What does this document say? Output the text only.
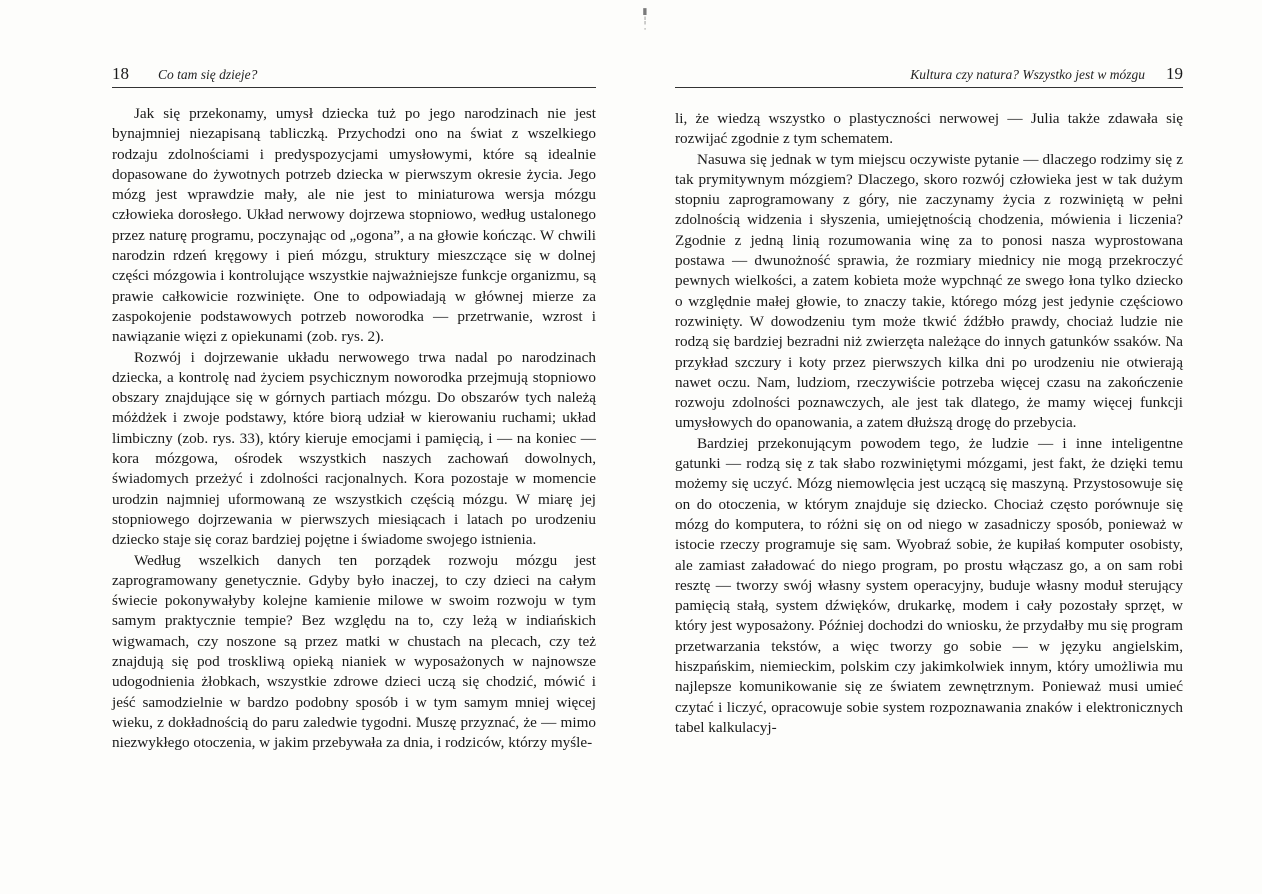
▮
¦
·
18 Co tam się dzieje?

Jak się przekonamy, umysł dziecka tuż po jego narodzinach nie jest bynajmniej niezapisaną tabliczką. Przychodzi ono na świat z wszelkiego rodzaju zdolnościami i predyspozycjami umysłowymi, które są idealnie dopasowane do żywotnych potrzeb dziecka w pierwszym okresie życia. Jego mózg jest wprawdzie mały, ale nie jest to miniaturowa wersja mózgu człowieka dorosłego. Układ nerwowy dojrzewa stopniowo, według ustalonego przez naturę programu, poczynając od „ogona”, a na głowie kończąc. W chwili narodzin rdzeń kręgowy i pień mózgu, struktury mieszczące się w dolnej części mózgowia i kontrolujące wszystkie najważniejsze funkcje organizmu, są prawie całkowicie rozwinięte. One to odpowiadają w głównej mierze za zaspokojenie podstawowych potrzeb noworodka — przetrwanie, wzrost i nawiązanie więzi z opiekunami (zob. rys. 2).

Rozwój i dojrzewanie układu nerwowego trwa nadal po narodzinach dziecka, a kontrolę nad życiem psychicznym noworodka przejmują stopniowo obszary znajdujące się w górnych partiach mózgu. Do obszarów tych należą móżdżek i zwoje podstawy, które biorą udział w kierowaniu ruchami; układ limbiczny (zob. rys. 33), który kieruje emocjami i pamięcią, i — na koniec — kora mózgowa, ośrodek wszystkich naszych zachowań dowolnych, świadomych przeżyć i zdolności racjonalnych. Kora pozostaje w momencie urodzin najmniej uformowaną ze wszystkich częścią mózgu. W miarę jej stopniowego dojrzewania w pierwszych miesiącach i latach po urodzeniu dziecko staje się coraz bardziej pojętne i świadome swojego istnienia.

Według wszelkich danych ten porządek rozwoju mózgu jest zaprogramowany genetycznie. Gdyby było inaczej, to czy dzieci na całym świecie pokonywałyby kolejne kamienie milowe w swoim rozwoju w tym samym praktycznie tempie? Bez względu na to, czy leżą w indiańskich wigwamach, czy noszone są przez matki w chustach na plecach, czy też znajdują się pod troskliwą opieką nianiek w wyposażonych w najnowsze udogodnienia żłobkach, wszystkie zdrowe dzieci uczą się chodzić, mówić i jeść samodzielnie w bardzo podobny sposób i w tym samym mniej więcej wieku, z dokładnością do paru zaledwie tygodni. Muszę przyznać, że — mimo niezwykłego otoczenia, w jakim przebywała za dnia, i rodziców, którzy myśle-

Kultura czy natura? Wszystko jest w mózgu 19

li, że wiedzą wszystko o plastyczności nerwowej — Julia także zdawała się rozwijać zgodnie z tym schematem.

Nasuwa się jednak w tym miejscu oczywiste pytanie — dlaczego rodzimy się z tak prymitywnym mózgiem? Dlaczego, skoro rozwój człowieka jest w tak dużym stopniu zaprogramowany z góry, nie zaczynamy życia z rozwiniętą w pełni zdolnością widzenia i słyszenia, umiejętnością chodzenia, mówienia i liczenia? Zgodnie z jedną linią rozumowania winę za to ponosi nasza wyprostowana postawa — dwunożność sprawia, że rozmiary miednicy nie mogą przekroczyć pewnych wielkości, a zatem kobieta może wypchnąć ze swego łona tylko dziecko o względnie małej głowie, to znaczy takie, którego mózg jest jedynie częściowo rozwinięty. W dowodzeniu tym może tkwić źdźbło prawdy, chociaż ludzie nie rodzą się bardziej bezradni niż zwierzęta należące do innych gatunków ssaków. Na przykład szczury i koty przez pierwszych kilka dni po urodzeniu nie otwierają nawet oczu. Nam, ludziom, rzeczywiście potrzeba więcej czasu na zakończenie rozwoju zdolności poznawczych, ale jest tak dlatego, że mamy więcej funkcji umysłowych do opanowania, a zatem dłuższą drogę do przebycia.

Bardziej przekonującym powodem tego, że ludzie — i inne inteligentne gatunki — rodzą się z tak słabo rozwiniętymi mózgami, jest fakt, że dzięki temu możemy się uczyć. Mózg niemowlęcia jest uczącą się maszyną. Przystosowuje się on do otoczenia, w którym znajduje się dziecko. Chociaż często porównuje się mózg do komputera, to różni się on od niego w zasadniczy sposób, ponieważ w istocie rzeczy programuje się sam. Wyobraź sobie, że kupiłaś komputer osobisty, ale zamiast załadować do niego program, po prostu włączasz go, a on sam robi resztę — tworzy swój własny system operacyjny, buduje własny moduł sterujący pamięcią stałą, system dźwięków, drukarkę, modem i cały pozostały sprzęt, w który jest wyposażony. Później dochodzi do wniosku, że przydałby mu się program przetwarzania tekstów, a więc tworzy go sobie — w języku angielskim, hiszpańskim, niemieckim, polskim czy jakimkolwiek innym, który umożliwia mu najlepsze komunikowanie się ze światem zewnętrznym. Ponieważ musi umieć czytać i liczyć, opracowuje sobie system rozpoznawania znaków i elektronicznych tabel kalkulacyj-
